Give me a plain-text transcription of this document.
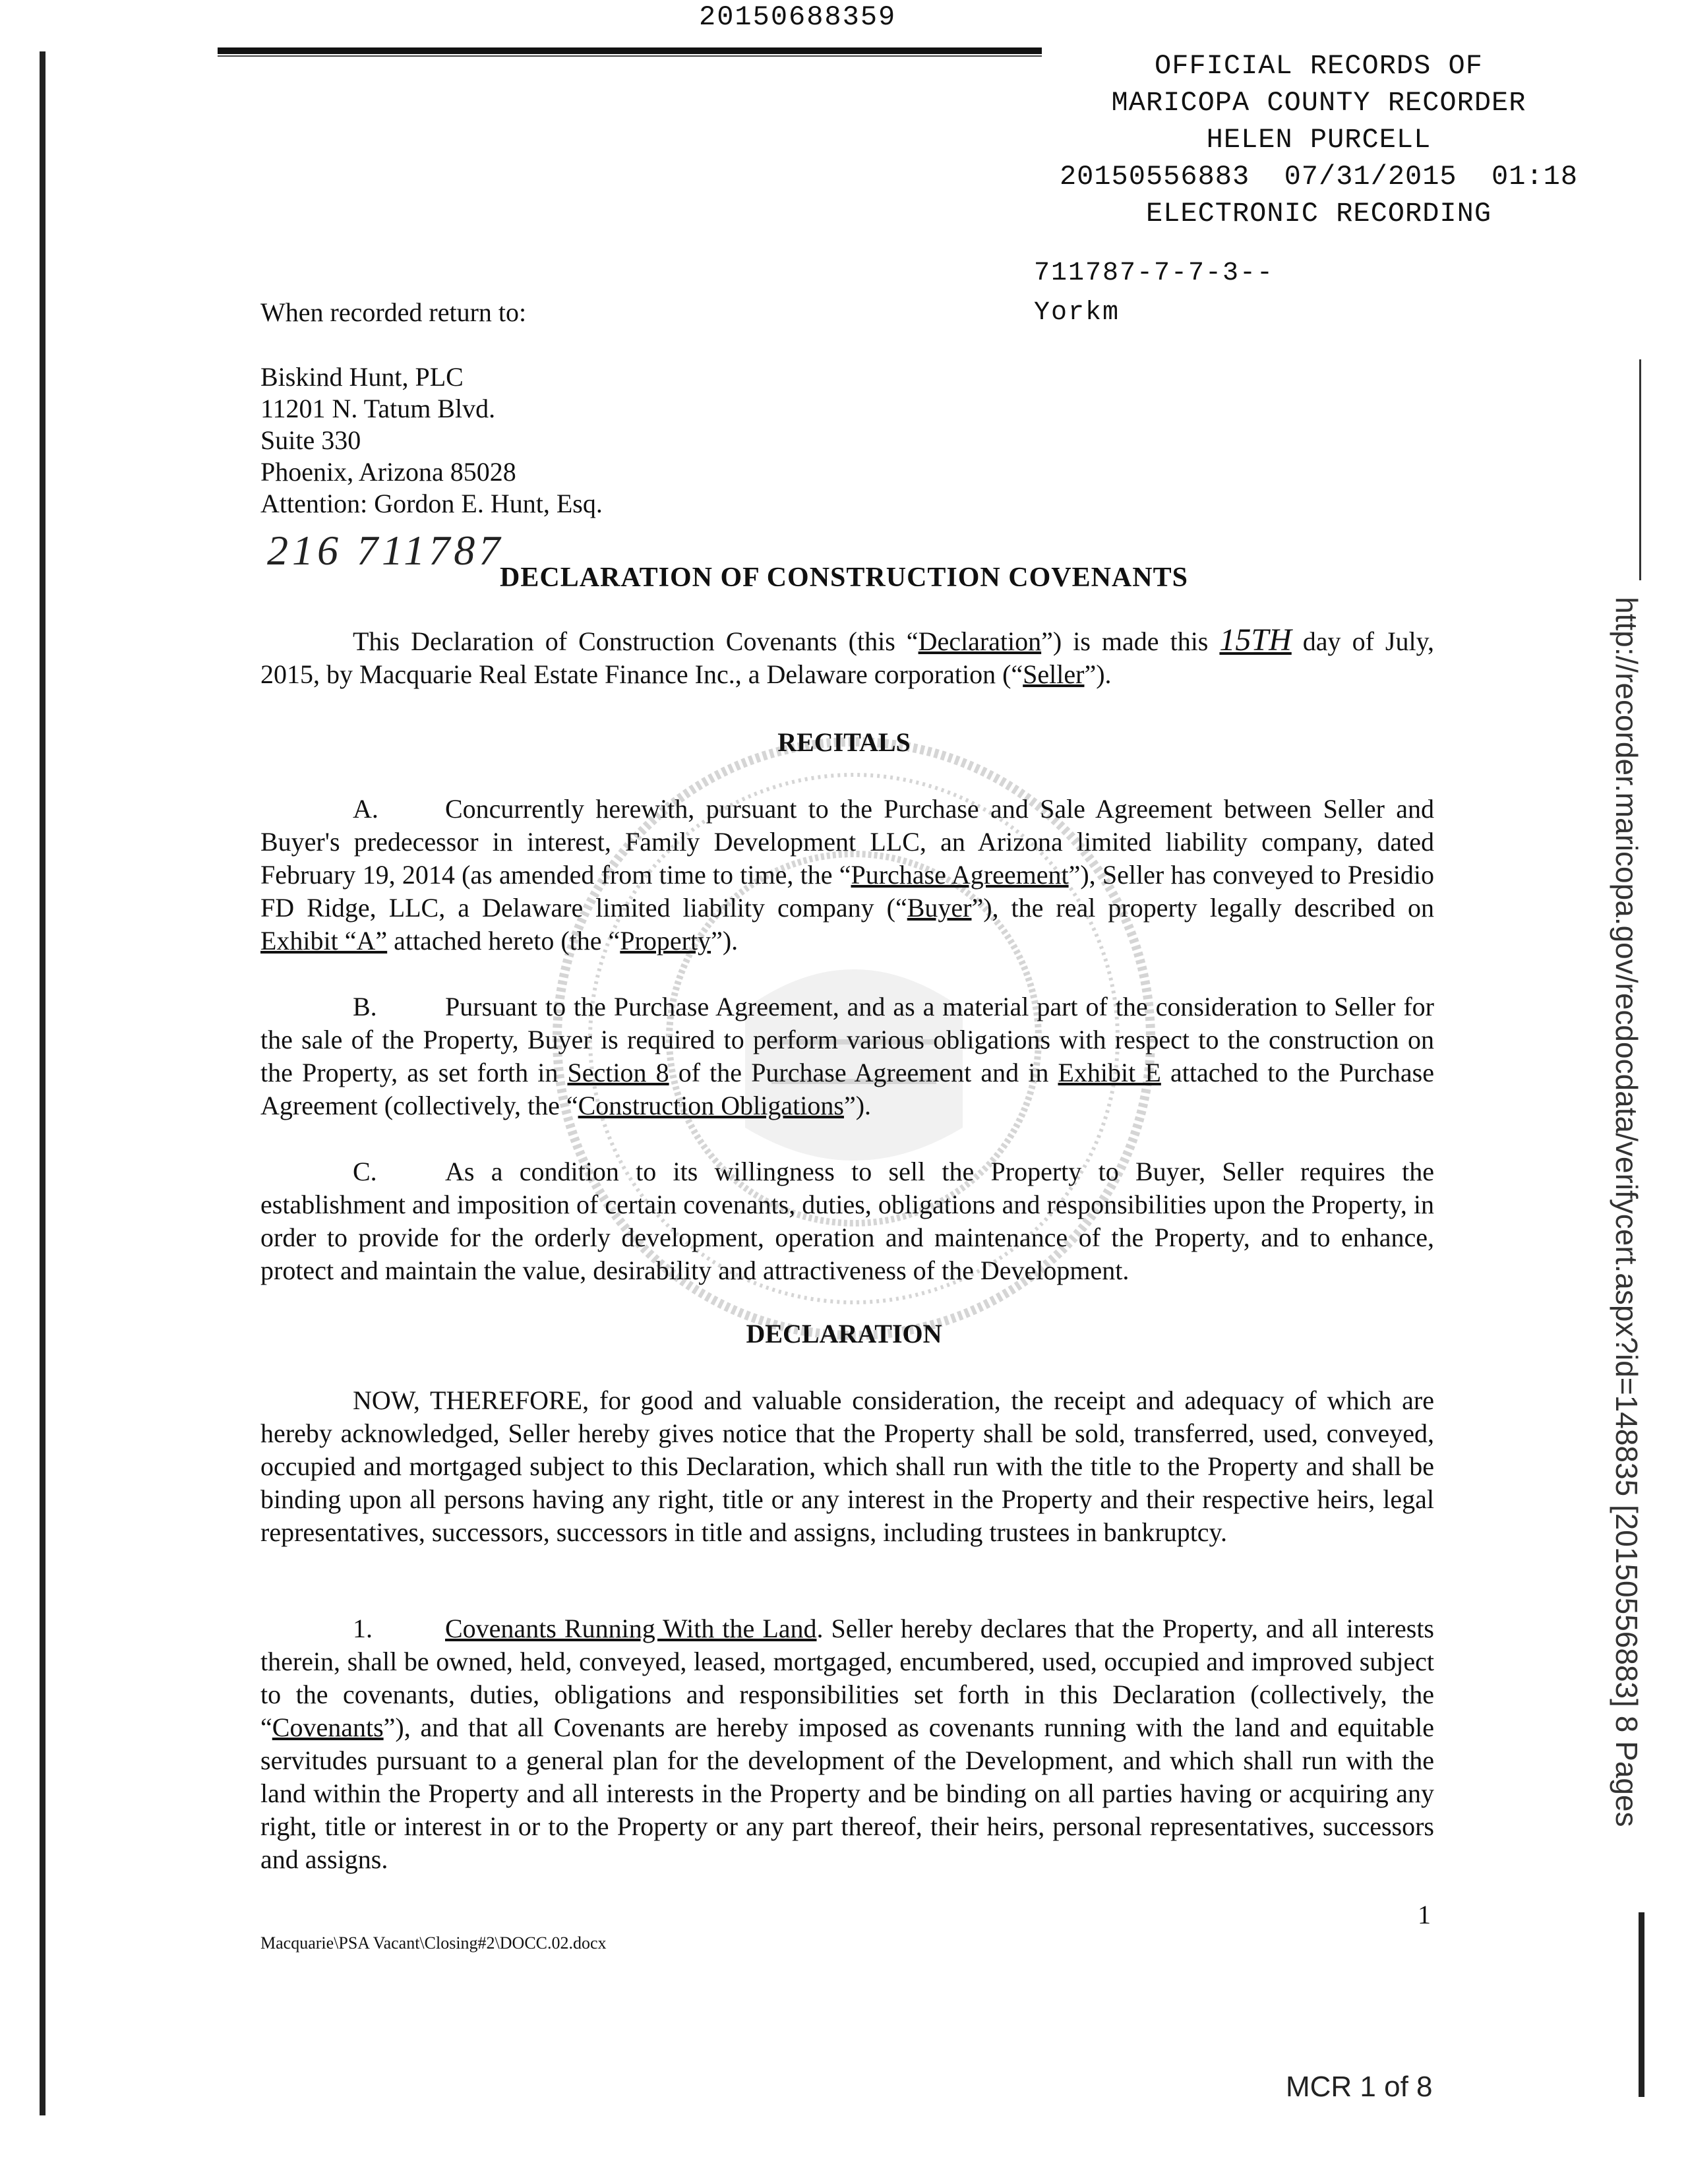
20150688359
OFFICIAL RECORDS OF
MARICOPA COUNTY RECORDER
HELEN PURCELL
20150556883  07/31/2015  01:18
ELECTRONIC RECORDING
711787-7-7-3--
Yorkm
When recorded return to:
Biskind Hunt, PLC
11201 N. Tatum Blvd.
Suite 330
Phoenix, Arizona 85028
Attention: Gordon E. Hunt, Esq.
216 711787
DECLARATION OF CONSTRUCTION COVENANTS
This Declaration of Construction Covenants (this “Declaration”) is made this 15TH day of July, 2015, by Macquarie Real Estate Finance Inc., a Delaware corporation (“Seller”).
RECITALS
A.	Concurrently herewith, pursuant to the Purchase and Sale Agreement between Seller and Buyer's predecessor in interest, Family Development LLC, an Arizona limited liability company, dated February 19, 2014 (as amended from time to time, the “Purchase Agreement”), Seller has conveyed to Presidio FD Ridge, LLC, a Delaware limited liability company (“Buyer”), the real property legally described on Exhibit “A” attached hereto (the “Property”).
B.	Pursuant to the Purchase Agreement, and as a material part of the consideration to Seller for the sale of the Property, Buyer is required to perform various obligations with respect to the construction on the Property, as set forth in Section 8 of the Purchase Agreement and in Exhibit E attached to the Purchase Agreement (collectively, the “Construction Obligations”).
C.	As a condition to its willingness to sell the Property to Buyer, Seller requires the establishment and imposition of certain covenants, duties, obligations and responsibilities upon the Property, in order to provide for the orderly development, operation and maintenance of the Property, and to enhance, protect and maintain the value, desirability and attractiveness of the Development.
DECLARATION
NOW, THEREFORE, for good and valuable consideration, the receipt and adequacy of which are hereby acknowledged, Seller hereby gives notice that the Property shall be sold, transferred, used, conveyed, occupied and mortgaged subject to this Declaration, which shall run with the title to the Property and shall be binding upon all persons having any right, title or any interest in the Property and their respective heirs, legal representatives, successors, successors in title and assigns, including trustees in bankruptcy.
1.	Covenants Running With the Land. Seller hereby declares that the Property, and all interests therein, shall be owned, held, conveyed, leased, mortgaged, encumbered, used, occupied and improved subject to the covenants, duties, obligations and responsibilities set forth in this Declaration (collectively, the “Covenants”), and that all Covenants are hereby imposed as covenants running with the land and equitable servitudes pursuant to a general plan for the development of the Development, and which shall run with the land within the Property and all interests in the Property and be binding on all parties having or acquiring any right, title or interest in or to the Property or any part thereof, their heirs, personal representatives, successors and assigns.
1
Macquarie\PSA Vacant\Closing#2\DOCC.02.docx
MCR 1 of 8
http://recorder.maricopa.gov/recdocdata/verifycert.aspx?id=148835 [20150556883] 8 Pages
